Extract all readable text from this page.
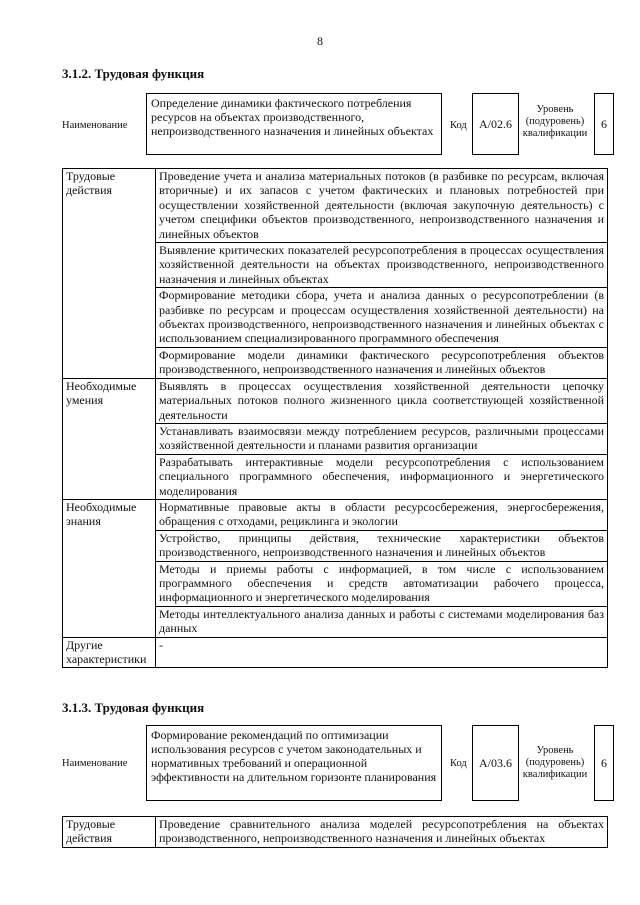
8
3.1.2. Трудовая функция
Наименование
Определение динамики фактического потребления ресурсов на объектах производственного, непроизводственного назначения и линейных объектах	Код	А/02.6
Уровень (подуровень) квалификации
6
Трудовые действия	Проведение учета и анализа материальных потоков (в разбивке по ресурсам, включая вторичные) и их запасов с учетом фактических и плановых потребностей при осуществлении хозяйственной деятельности (включая закупочную деятельность) с учетом специфики объектов производственного, непроизводственного назначения и линейных объектов
	Выявление критических показателей ресурсопотребления в процессах осуществления хозяйственной деятельности на объектах производственного, непроизводственного назначения и линейных объектах
	Формирование методики сбора, учета и анализа данных о ресурсопотреблении (в разбивке по ресурсам и процессам осуществления хозяйственной деятельности) на объектах производственного, непроизводственного назначения и линейных объектах с использованием специализированного программного обеспечения
	Формирование модели динамики фактического ресурсопотребления объектов производственного, непроизводственного назначения и линейных объектов
Необходимые умения	Выявлять в процессах осуществления хозяйственной деятельности цепочку материальных потоков полного жизненного цикла соответствующей хозяйственной деятельности
	Устанавливать взаимосвязи между потреблением ресурсов, различными процессами хозяйственной деятельности и планами развития организации
	Разрабатывать интерактивные модели ресурсопотребления с использованием специального программного обеспечения, информационного и энергетического моделирования
Необходимые знания	Нормативные правовые акты в области ресурсосбережения, энергосбережения, обращения с отходами, рециклинга и экологии
	Устройство, принципы действия, технические характеристики объектов производственного, непроизводственного назначения и линейных объектов
	Методы и приемы работы с информацией, в том числе с использованием программного обеспечения и средств автоматизации рабочего процесса, информационного и энергетического моделирования
	Методы интеллектуального анализа данных и работы с системами моделирования баз данных
Другие характеристики	-
3.1.3. Трудовая функция
Наименование
Формирование рекомендаций по оптимизации использования ресурсов с учетом законодательных и нормативных требований и операционной эффективности на длительном горизонте планирования
Код	А/03.6
Уровень (подуровень) квалификации
6
Трудовые действия	Проведение сравнительного анализа моделей ресурсопотребления на объектах производственного, непроизводственного назначения и линейных объектах
